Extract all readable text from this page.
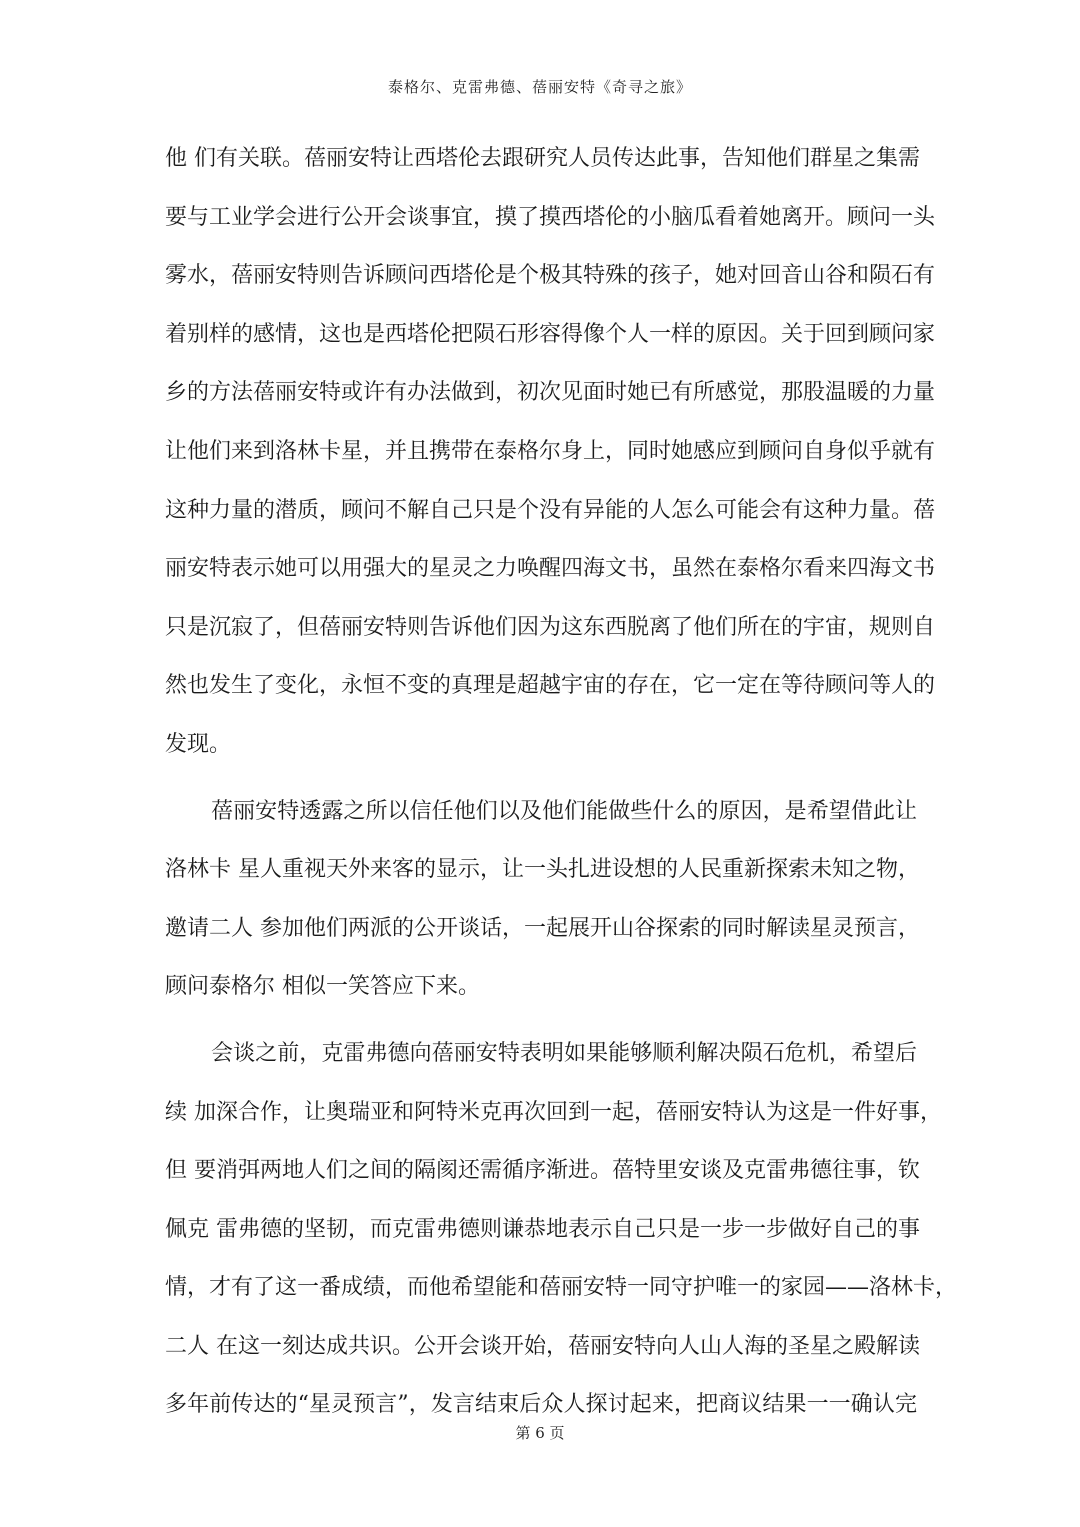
泰格尔、克雷弗德、蓓丽安特《奇寻之旅》
他 们有关联。蓓丽安特让西塔伦去跟研究人员传达此事，告知他们群星之集需
要与工业学会进行公开会谈事宜，摸了摸西塔伦的小脑瓜看着她离开。顾问一头
雾水，蓓丽安特则告诉顾问西塔伦是个极其特殊的孩子，她对回音山谷和陨石有
着别样的感情，这也是西塔伦把陨石形容得像个人一样的原因。关于回到顾问家
乡的方法蓓丽安特或许有办法做到，初次见面时她已有所感觉，那股温暖的力量
让他们来到洛林卡星，并且携带在泰格尔身上，同时她感应到顾问自身似乎就有
这种力量的潜质，顾问不解自己只是个没有异能的人怎么可能会有这种力量。蓓
丽安特表示她可以用强大的星灵之力唤醒四海文书，虽然在泰格尔看来四海文书
只是沉寂了，但蓓丽安特则告诉他们因为这东西脱离了他们所在的宇宙，规则自
然也发生了变化，永恒不变的真理是超越宇宙的存在，它一定在等待顾问等人的
发现。
蓓丽安特透露之所以信任他们以及他们能做些什么的原因，是希望借此让
洛林卡 星人重视天外来客的显示，让一头扎进设想的人民重新探索未知之物，
邀请二人 参加他们两派的公开谈话，一起展开山谷探索的同时解读星灵预言，
顾问泰格尔 相似一笑答应下来。
会谈之前，克雷弗德向蓓丽安特表明如果能够顺利解决陨石危机，希望后
续 加深合作，让奥瑞亚和阿特米克再次回到一起，蓓丽安特认为这是一件好事，
但 要消弭两地人们之间的隔阂还需循序渐进。蓓特里安谈及克雷弗德往事，钦
佩克 雷弗德的坚韧，而克雷弗德则谦恭地表示自己只是一步一步做好自己的事
情，才有了这一番成绩，而他希望能和蓓丽安特一同守护唯一的家园——洛林卡，
二人 在这一刻达成共识。公开会谈开始，蓓丽安特向人山人海的圣星之殿解读
多年前传达的“星灵预言”，发言结束后众人探讨起来，把商议结果一一确认完
第 6 页
